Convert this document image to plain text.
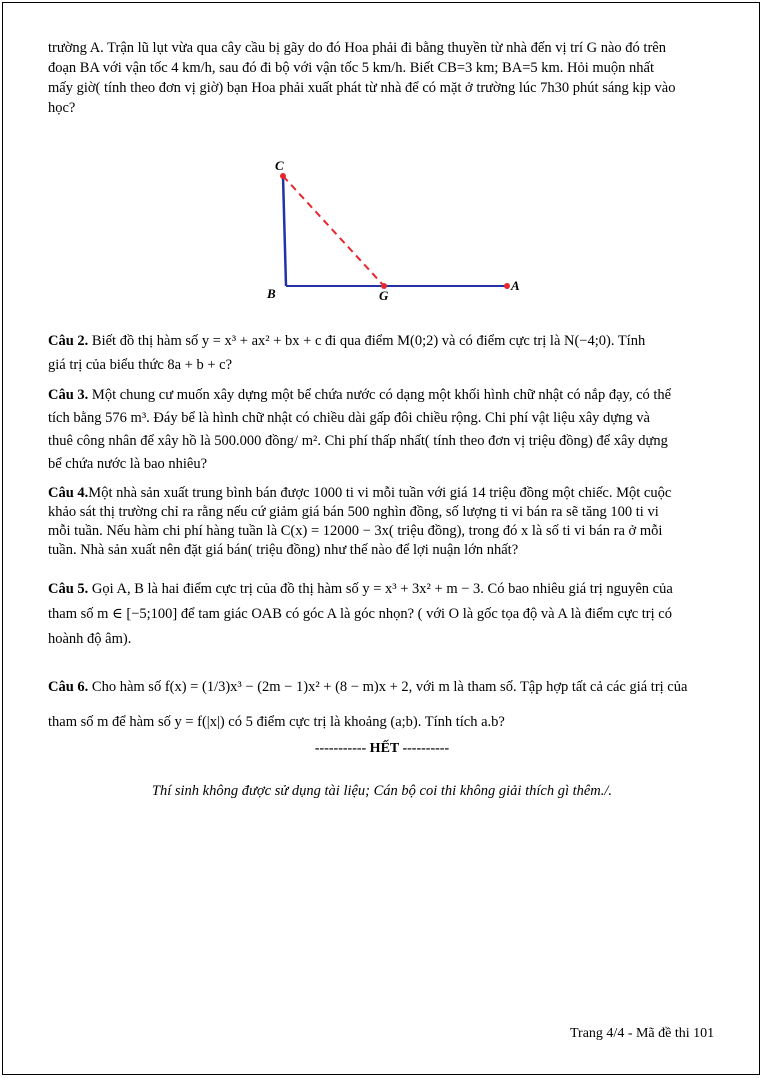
trường A. Trận lũ lụt vừa qua cây cầu bị gãy do đó Hoa phải đi bằng thuyền từ nhà đến vị trí G nào đó trên
đoạn BA với vận tốc 4 km/h, sau đó đi bộ với vận tốc 5 km/h. Biết CB=3 km; BA=5 km. Hỏi muộn nhất
mấy giờ( tính theo đơn vị giờ) bạn Hoa phải xuất phát từ nhà để có mặt ở trường lúc 7h30 phút sáng kịp vào
học?
C
B	G
A
Câu 2. Biết đồ thị hàm số y = x³ + ax² + bx + c đi qua điểm M(0;2) và có điểm cực trị là N(−4;0). Tính
giá trị của biểu thức 8a + b + c?
Câu 3. Một chung cư muốn xây dựng một bể chứa nước có dạng một khối hình chữ nhật có nắp đạy, có thể
tích bằng 576 m³. Đáy bể là hình chữ nhật có chiều dài gấp đôi chiều rộng. Chi phí vật liệu xây dựng và
thuê công nhân để xây hồ là 500.000 đồng/ m². Chi phí thấp nhất( tính theo đơn vị triệu đồng) để xây dựng
bể chứa nước là bao nhiêu?
Câu 4.Một nhà sản xuất trung bình bán được 1000 ti vi mỗi tuần với giá 14 triệu đồng một chiếc. Một cuộc
khảo sát thị trường chỉ ra rằng nếu cứ giảm giá bán 500 nghìn đồng, số lượng ti vi bán ra sẽ tăng 100 ti vi
mỗi tuần. Nếu hàm chi phí hàng tuần là C(x) = 12000 − 3x( triệu đồng), trong đó x là số ti vi bán ra ở mỗi
tuần. Nhà sản xuất nên đặt giá bán( triệu đồng) như thế nào để lợi nuận lớn nhất?
Câu 5. Gọi A, B là hai điểm cực trị của đồ thị hàm số y = x³ + 3x² + m − 3. Có bao nhiêu giá trị nguyên của
tham số m ∈ [−5;100] để tam giác OAB có góc A là góc nhọn? ( với O là gốc tọa độ và A là điểm cực trị có
hoành độ âm).
Câu 6. Cho hàm số f(x) = (1/3)x³ − (2m − 1)x² + (8 − m)x + 2, với m là tham số. Tập hợp tất cả các giá trị của
tham số m để hàm số y = f(|x|) có 5 điểm cực trị là khoảng (a;b). Tính tích a.b?
----------- HẾT ----------
Thí sinh không được sử dụng tài liệu; Cán bộ coi thi không giải thích gì thêm./.
Trang 4/4 - Mã đề thi 101
